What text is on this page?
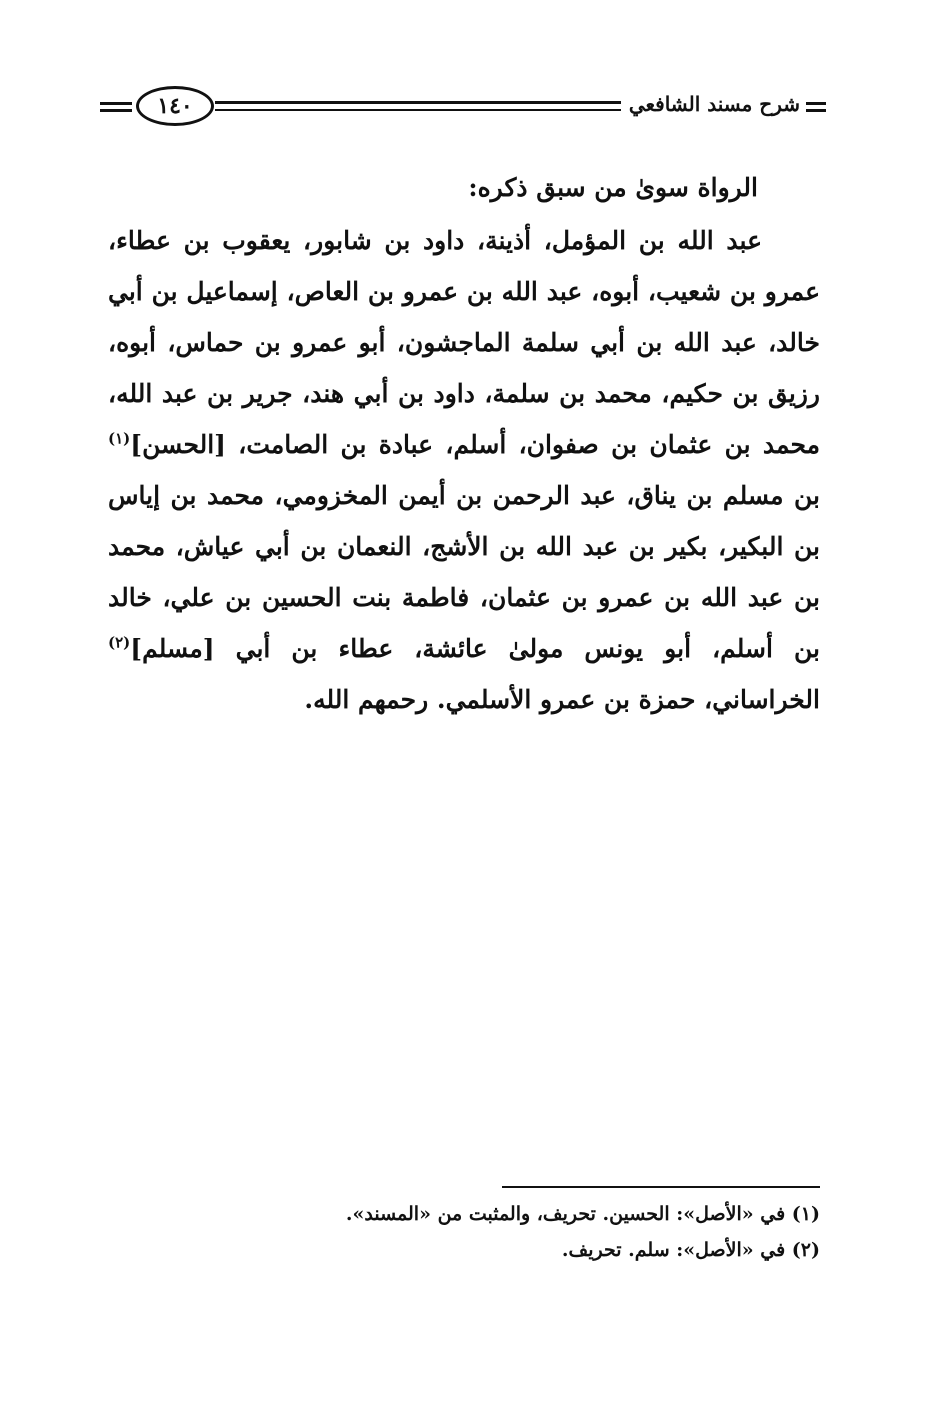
شرح مسند الشافعي
١٤٠
الرواة سوىٰ من سبق ذكره:
عبد الله بن المؤمل، أذينة، داود بن شابور، يعقوب بن عطاء، عمرو بن شعيب، أبوه، عبد الله بن عمرو بن العاص، إسماعيل بن أبي خالد، عبد الله بن أبي سلمة الماجشون، أبو عمرو بن حماس، أبوه، رزيق بن حكيم، محمد بن سلمة، داود بن أبي هند، جرير بن عبد الله، محمد بن عثمان بن صفوان، أسلم، عبادة بن الصامت، [الحسن]$^{(١)}$ بن مسلم بن يناق، عبد الرحمن بن أيمن المخزومي، محمد بن إياس بن البكير، بكير بن عبد الله بن الأشج، النعمان بن أبي عياش، محمد بن عبد الله بن عمرو بن عثمان، فاطمة بنت الحسين بن علي، خالد بن أسلم، أبو يونس مولىٰ عائشة، عطاء بن أبي [مسلم]$^{(٢)}$ الخراساني، حمزة بن عمرو الأسلمي. رحمهم الله.
(١) في «الأصل»: الحسين. تحريف، والمثبت من «المسند».
(٢) في «الأصل»: سلم. تحريف.
